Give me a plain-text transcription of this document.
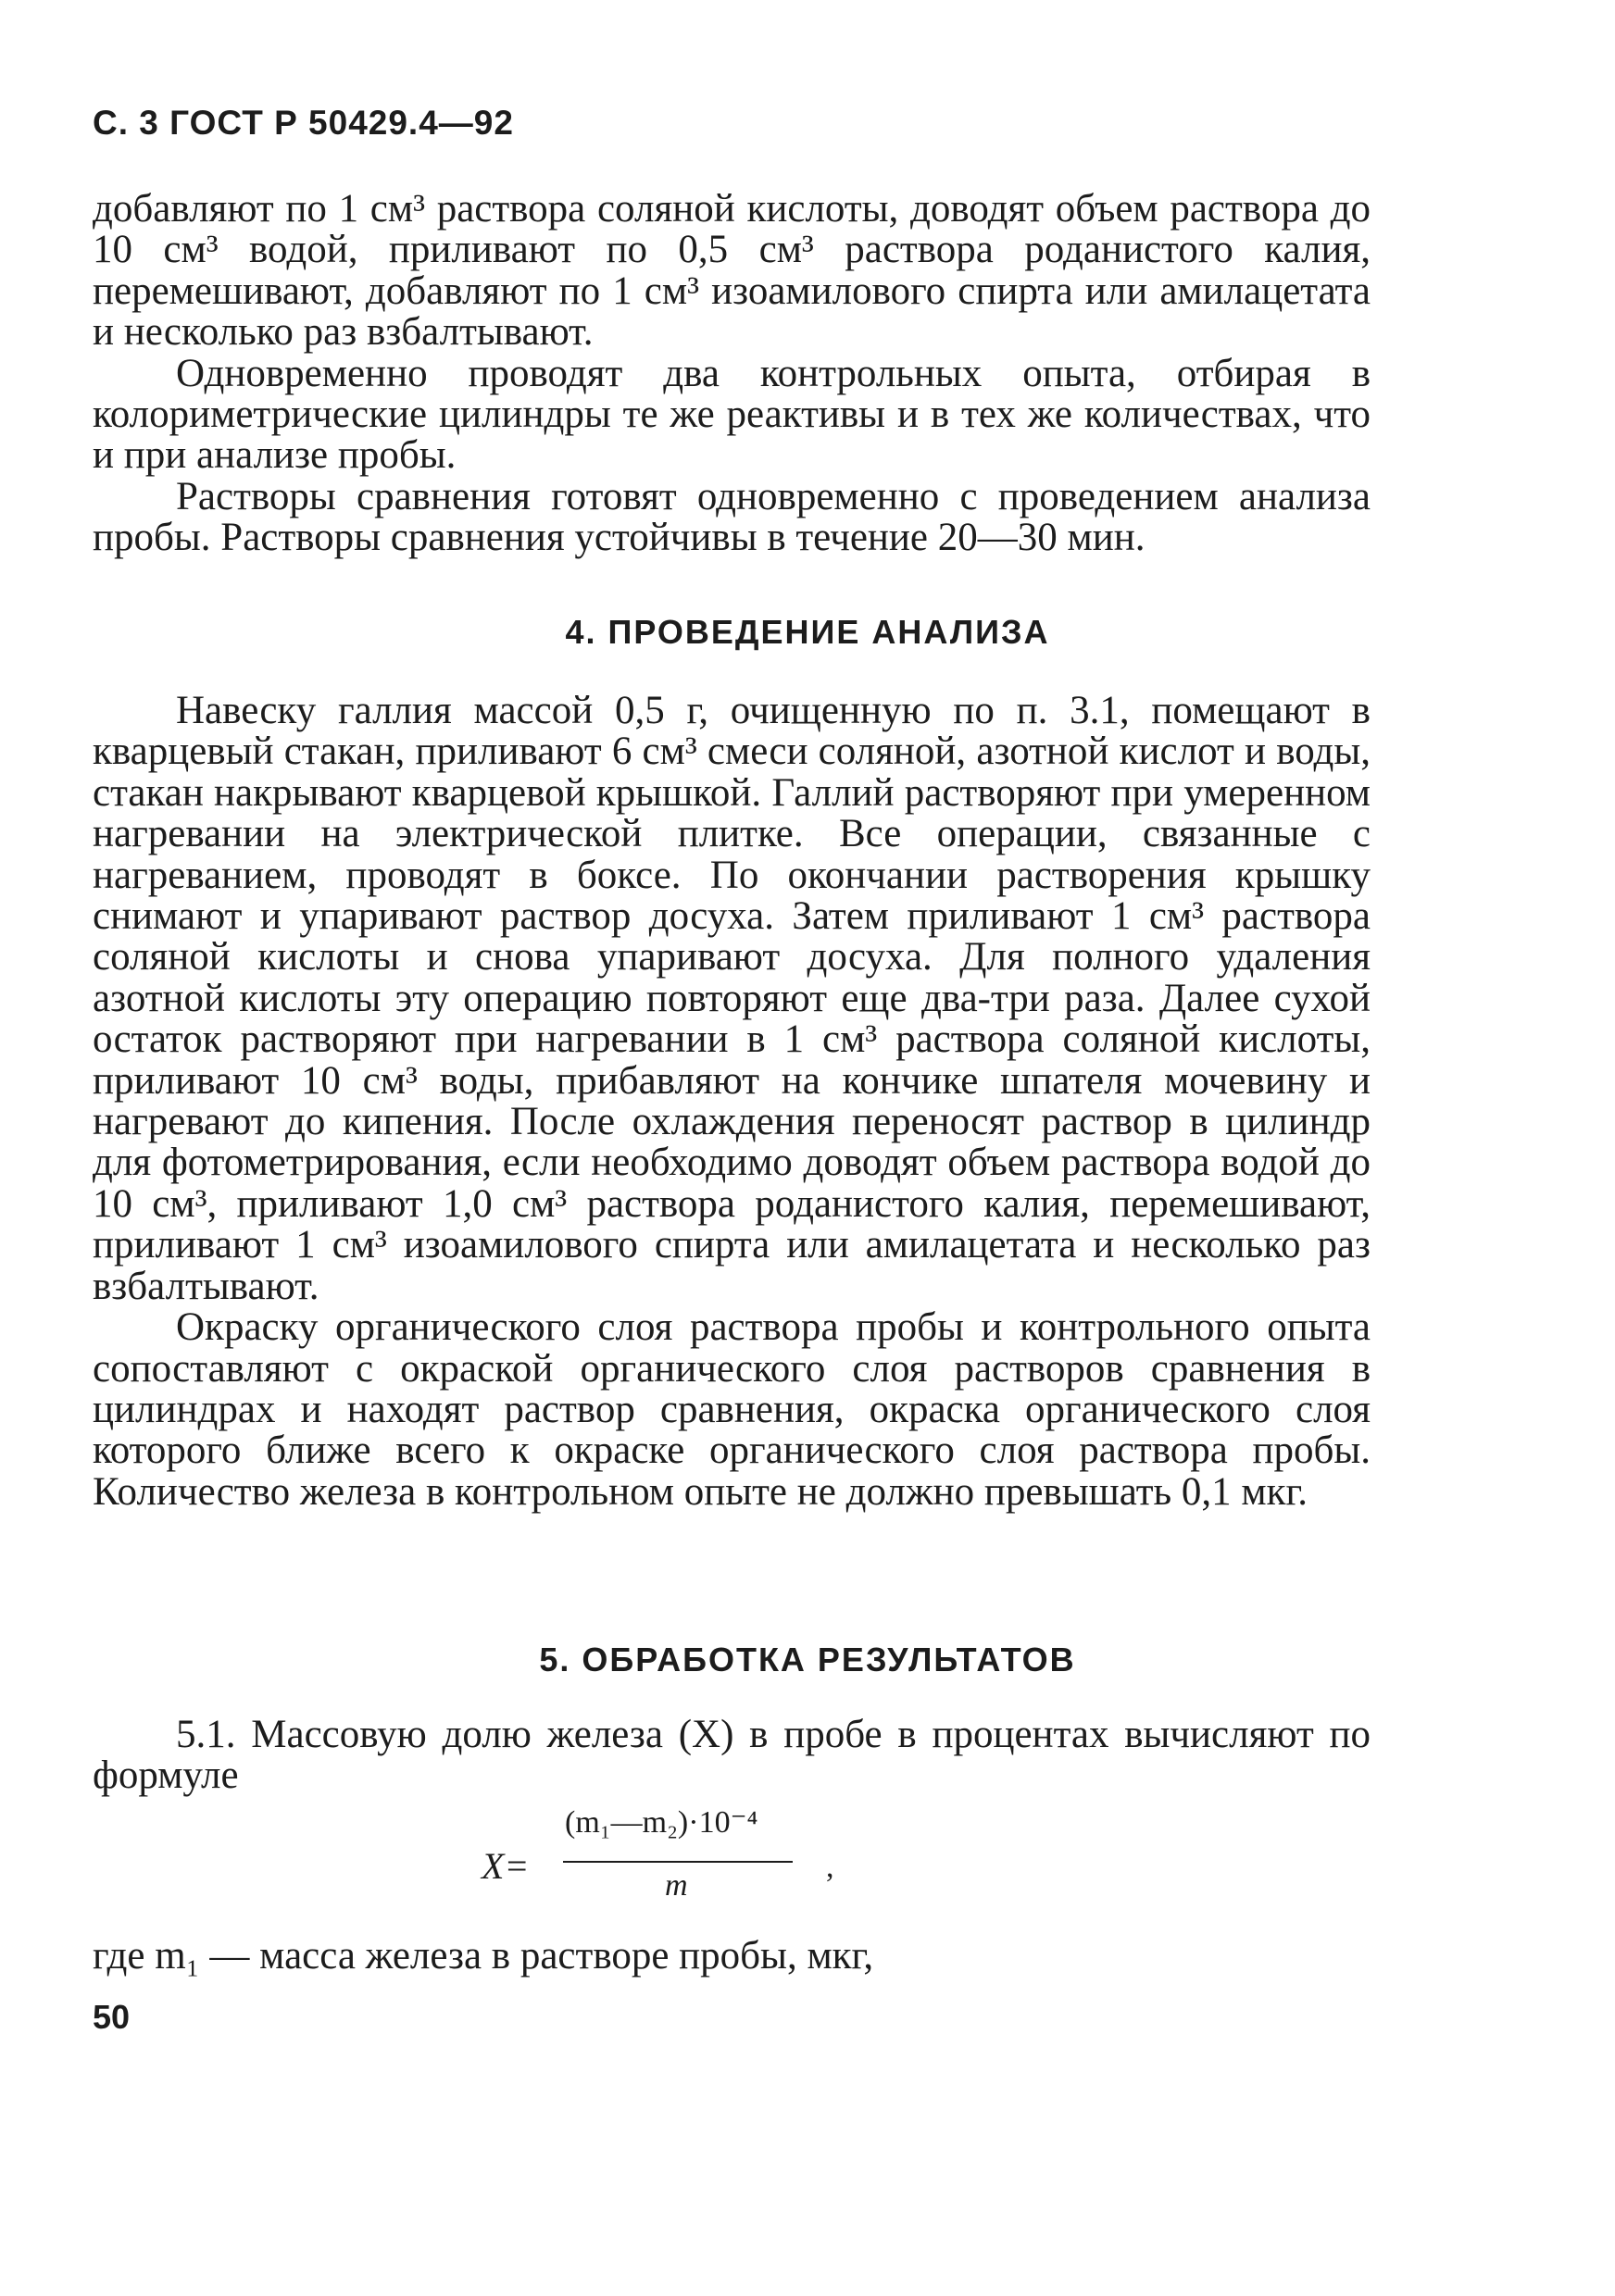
С. 3 ГОСТ Р 50429.4—92

добавляют по 1 см³ раствора соляной кислоты, доводят объем раствора до 10 см³ водой, приливают по 0,5 см³ раствора роданистого калия, перемешивают, добавляют по 1 см³ изоамилового спирта или амилацетата и несколько раз взбалтывают.

Одновременно проводят два контрольных опыта, отбирая в колориметрические цилиндры те же реактивы и в тех же количествах, что и при анализе пробы.

Растворы сравнения готовят одновременно с проведением анализа пробы. Растворы сравнения устойчивы в течение 20—30 мин.

4. ПРОВЕДЕНИЕ АНАЛИЗА

Навеску галлия массой 0,5 г, очищенную по п. 3.1, помещают в кварцевый стакан, приливают 6 см³ смеси соляной, азотной кислот и воды, стакан накрывают кварцевой крышкой. Галлий растворяют при умеренном нагревании на электрической плитке. Все операции, связанные с нагреванием, проводят в боксе. По окончании растворения крышку снимают и упаривают раствор досуха. Затем приливают 1 см³ раствора соляной кислоты и снова упаривают досуха. Для полного удаления азотной кислоты эту операцию повторяют еще два-три раза. Далее сухой остаток растворяют при нагревании в 1 см³ раствора соляной кислоты, приливают 10 см³ воды, прибавляют на кончике шпателя мочевину и нагревают до кипения. После охлаждения переносят раствор в цилиндр для фотометрирования, если необходимо доводят объем раствора водой до 10 см³, приливают 1,0 см³ раствора роданистого калия, перемешивают, приливают 1 см³ изоамилового спирта или амилацетата и несколько раз взбалтывают.

Окраску органического слоя раствора пробы и контрольного опыта сопоставляют с окраской органического слоя растворов сравнения в цилиндрах и находят раствор сравнения, окраска органического слоя которого ближе всего к окраске органического слоя раствора пробы. Количество железа в контрольном опыте не должно превышать 0,1 мкг.

5. ОБРАБОТКА РЕЗУЛЬТАТОВ

5.1. Массовую долю железа (X) в пробе в процентах вычисляют по формуле

X=
(m₁—m₂)·10⁻⁴
m
,
где m₁ — масса железа в растворе пробы, мкг,
50
